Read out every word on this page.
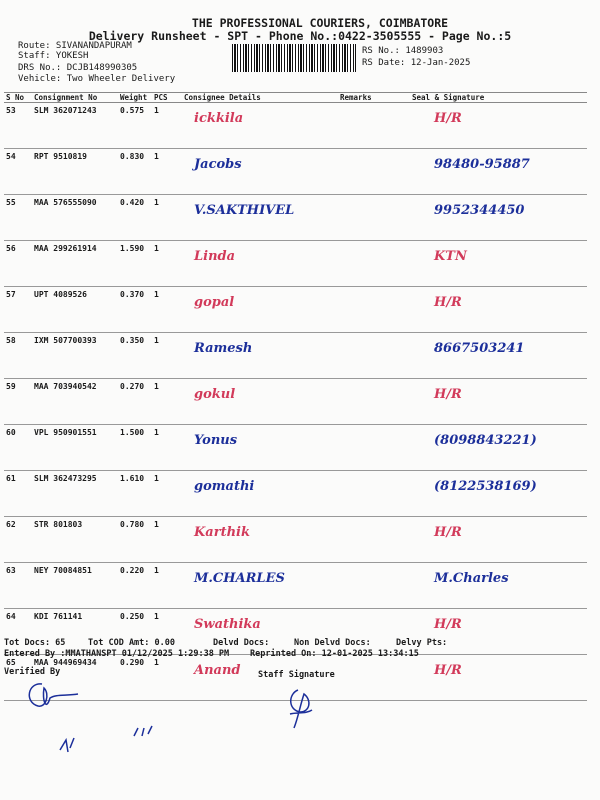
THE PROFESSIONAL COURIERS, COIMBATORE
Delivery Runsheet - SPT - Phone No.:0422-3505555 - Page No.:5
Route: SIVANANDAPURAM
Staff: YOKESH
DRS No.: DCJB148990305
Vehicle: Two Wheeler Delivery
RS No.: 1489903
RS Date: 12-Jan-2025
S No	Consignment No	Weight	PCS	Consignee Details	Remarks	Seal & Signature
53	SLM 362071243	0.575	1	ickkila		H/R
54	RPT 9510819	0.830	1	Jacobs		98480-95887
55	MAA 576555090	0.420	1	V.SAKTHIVEL		9952344450
56	MAA 299261914	1.590	1	Linda		KTN
57	UPT 4089526	0.370	1	gopal		H/R
58	IXM 507700393	0.350	1	Ramesh		8667503241
59	MAA 703940542	0.270	1	gokul		H/R
60	VPL 950901551	1.500	1	Yonus		(8098843221)
61	SLM 362473295	1.610	1	gomathi		(8122538169)
62	STR 801803	0.780	1	Karthik		H/R
63	NEY 70084851	0.220	1	M.CHARLES		M.Charles
64	KDI 761141	0.250	1	Swathika		H/R
65	MAA 944969434	0.290	1	Anand		H/R
Tot Docs: 65	Tot COD Amt: 0.00	Delvd Docs:	Non Delvd Docs:	Delvy Pts:
Entered By :MMATHANSPT 01/12/2025 1:29:38 PM Reprinted On: 12-01-2025 13:34:15
Verified By	Staff Signature
